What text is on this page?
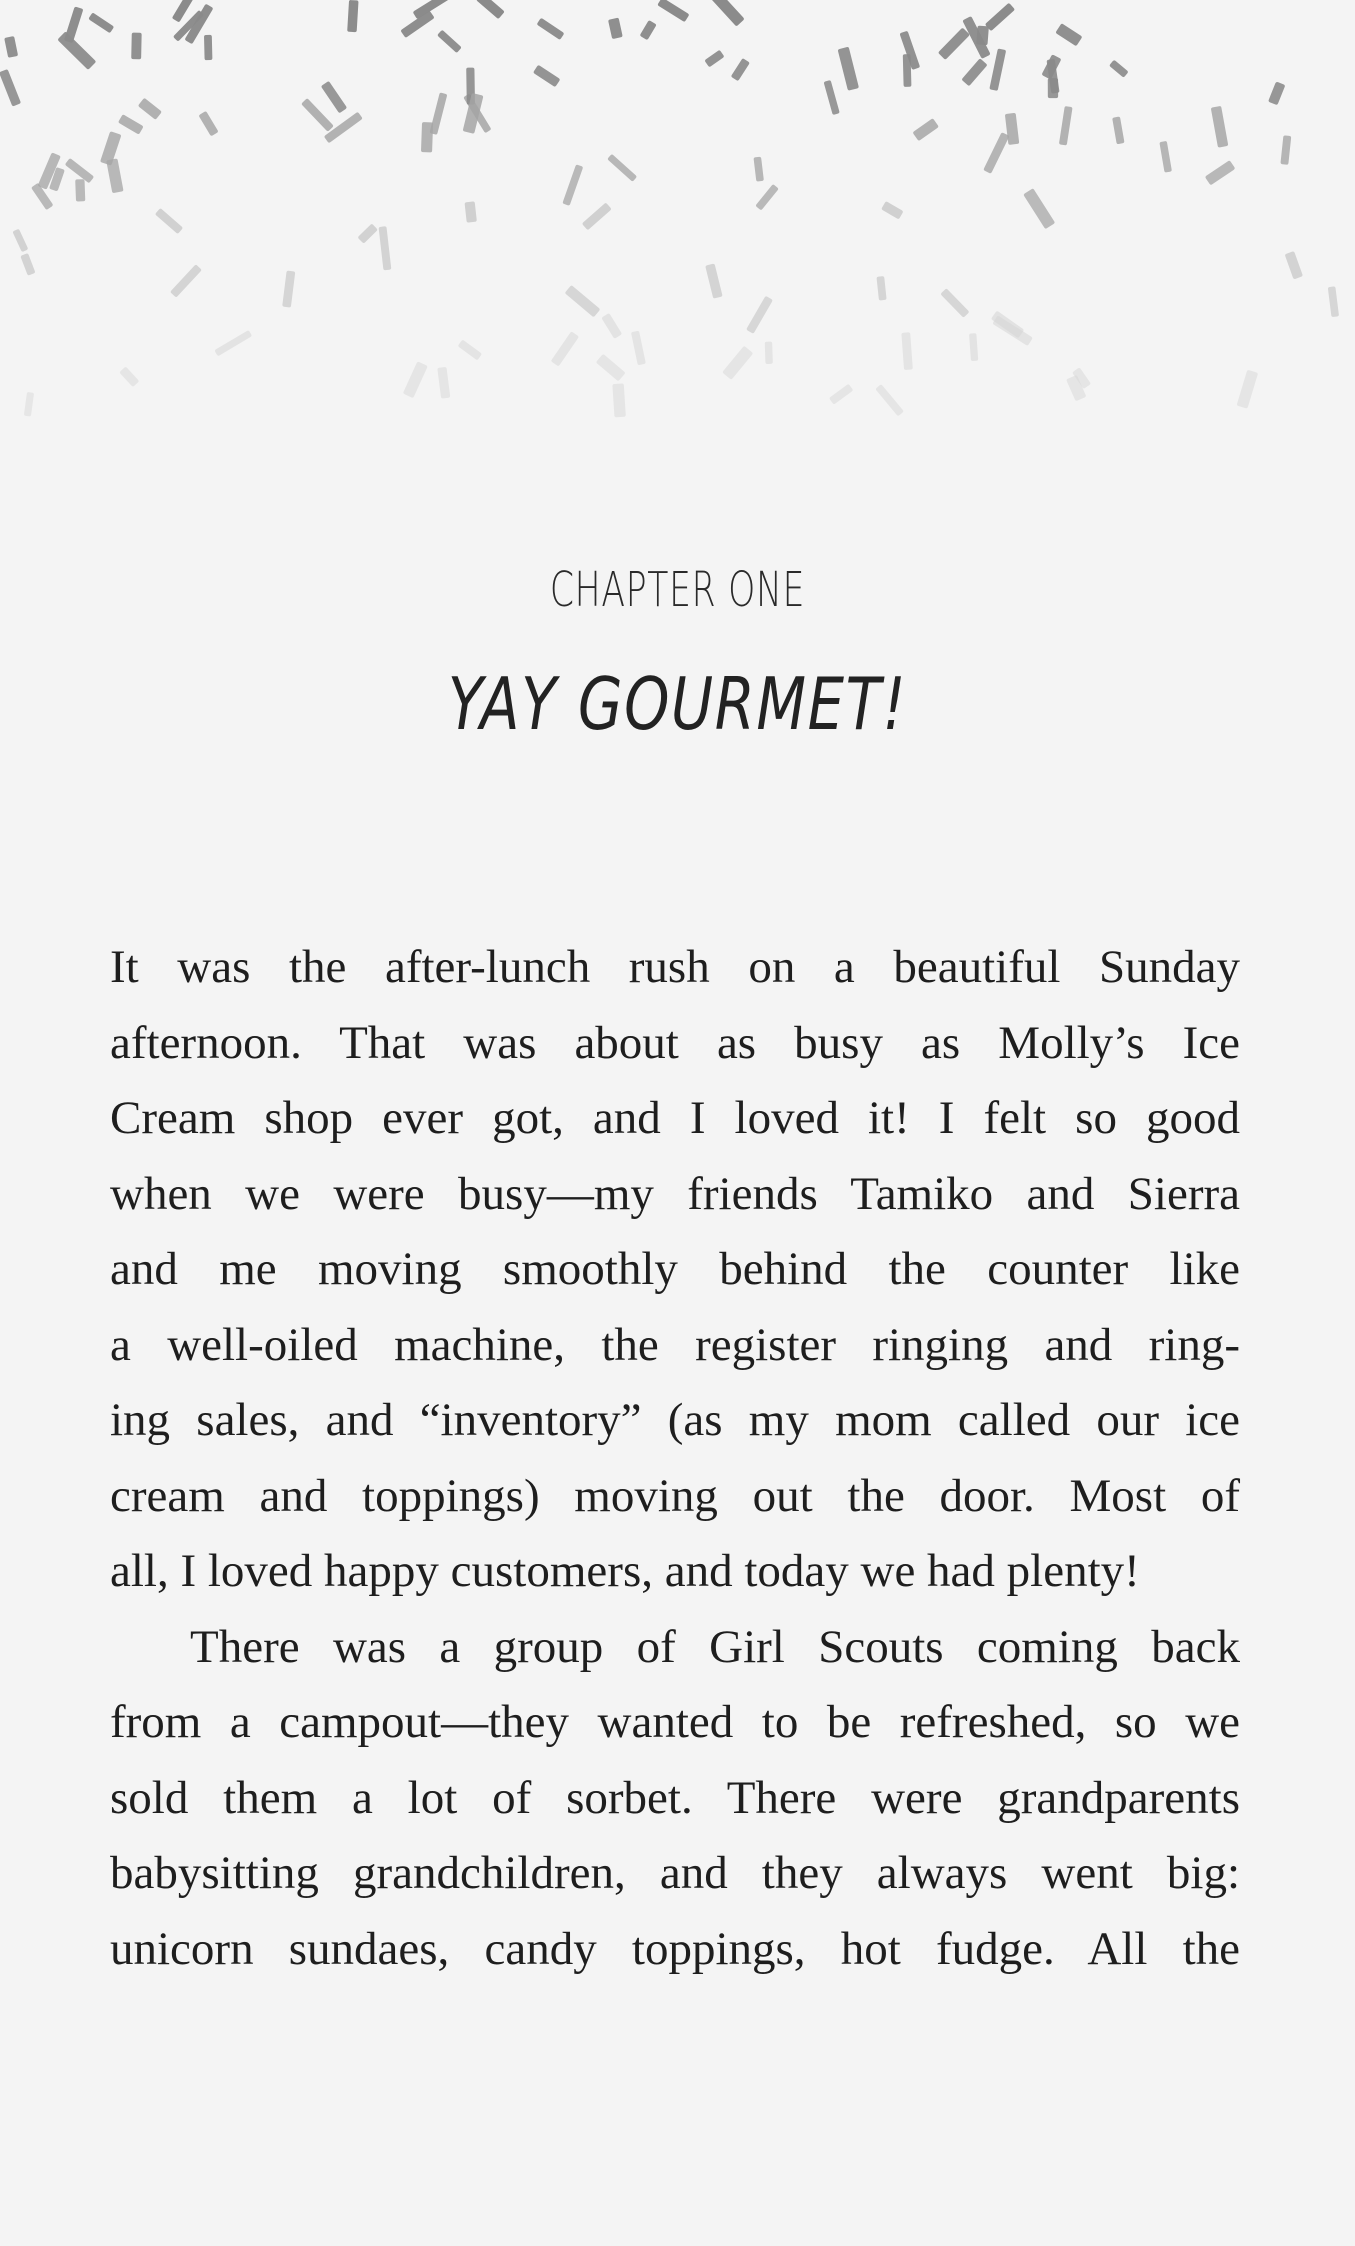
CHAPTER ONE
YAY GOURMET!
It was the after-lunch rush on a beautiful Sunday
afternoon. That was about as busy as Molly’s Ice
Cream shop ever got, and I loved it! I felt so good
when we were busy—my friends Tamiko and Sierra
and me moving smoothly behind the counter like
a well-oiled machine, the register ringing and ring-
ing sales, and “inventory” (as my mom called our ice
cream and toppings) moving out the door. Most of
all, I loved happy customers, and today we had plenty!
There was a group of Girl Scouts coming back
from a campout—they wanted to be refreshed, so we
sold them a lot of sorbet. There were grandparents
babysitting grandchildren, and they always went big:
unicorn sundaes, candy toppings, hot fudge. All the
